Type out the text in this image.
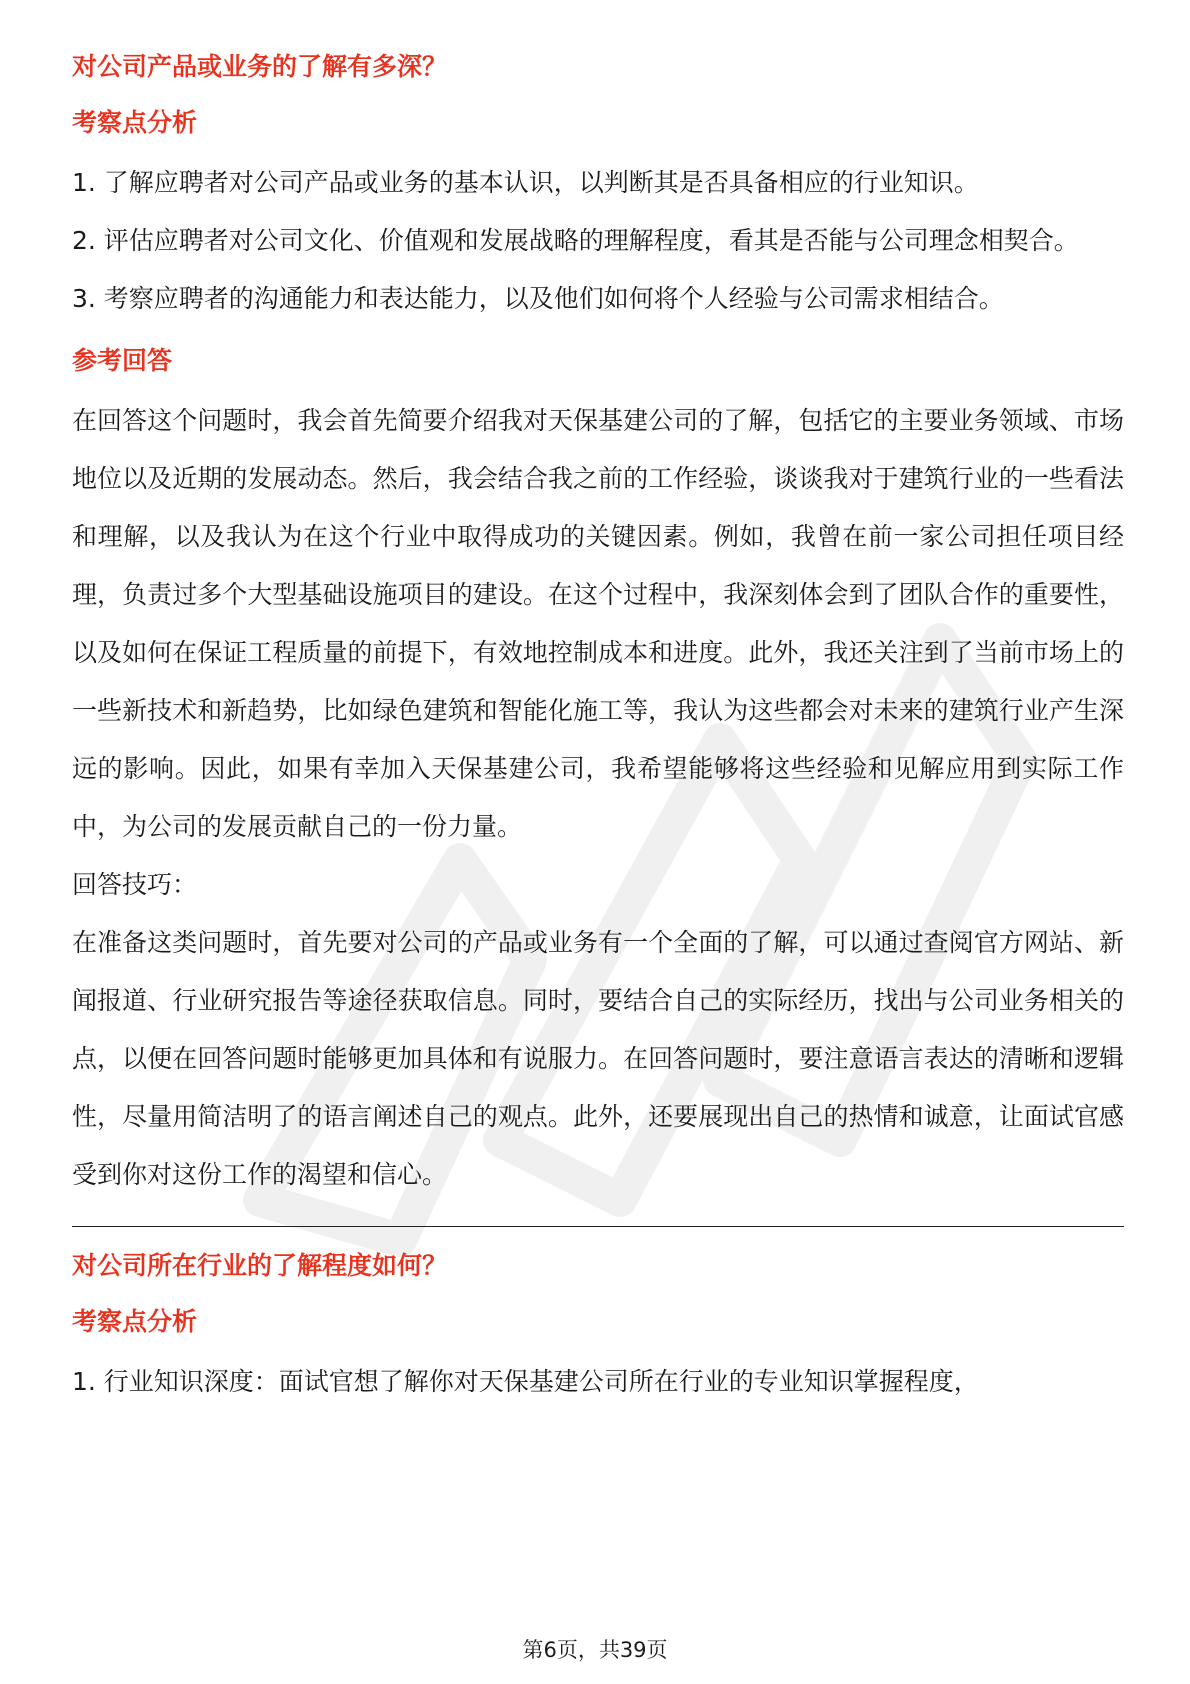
对公司产品或业务的了解有多深？
考察点分析
1. 了解应聘者对公司产品或业务的基本认识，以判断其是否具备相应的行业知识。
2. 评估应聘者对公司文化、价值观和发展战略的理解程度，看其是否能与公司理念相契合。
3. 考察应聘者的沟通能力和表达能力，以及他们如何将个人经验与公司需求相结合。
参考回答

在回答这个问题时，我会首先简要介绍我对天保基建公司的了解，包括它的主要业务领域、市场地位以及近期的发展动态。然后，我会结合我之前的工作经验，谈谈我对于建筑行业的一些看法和理解，以及我认为在这个行业中取得成功的关键因素。例如，我曾在前一家公司担任项目经理，负责过多个大型基础设施项目的建设。在这个过程中，我深刻体会到了团队合作的重要性，以及如何在保证工程质量的前提下，有效地控制成本和进度。此外，我还关注到了当前市场上的一些新技术和新趋势，比如绿色建筑和智能化施工等，我认为这些都会对未来的建筑行业产生深远的影响。因此，如果有幸加入天保基建公司，我希望能够将这些经验和见解应用到实际工作中，为公司的发展贡献自己的一份力量。

回答技巧：

在准备这类问题时，首先要对公司的产品或业务有一个全面的了解，可以通过查阅官方网站、新闻报道、行业研究报告等途径获取信息。同时，要结合自己的实际经历，找出与公司业务相关的点，以便在回答问题时能够更加具体和有说服力。在回答问题时，要注意语言表达的清晰和逻辑性，尽量用简洁明了的语言阐述自己的观点。此外，还要展现出自己的热情和诚意，让面试官感受到你对这份工作的渴望和信心。

对公司所在行业的了解程度如何？
考察点分析
1. 行业知识深度：面试官想了解你对天保基建公司所在行业的专业知识掌握程度，
第6页，共39页
